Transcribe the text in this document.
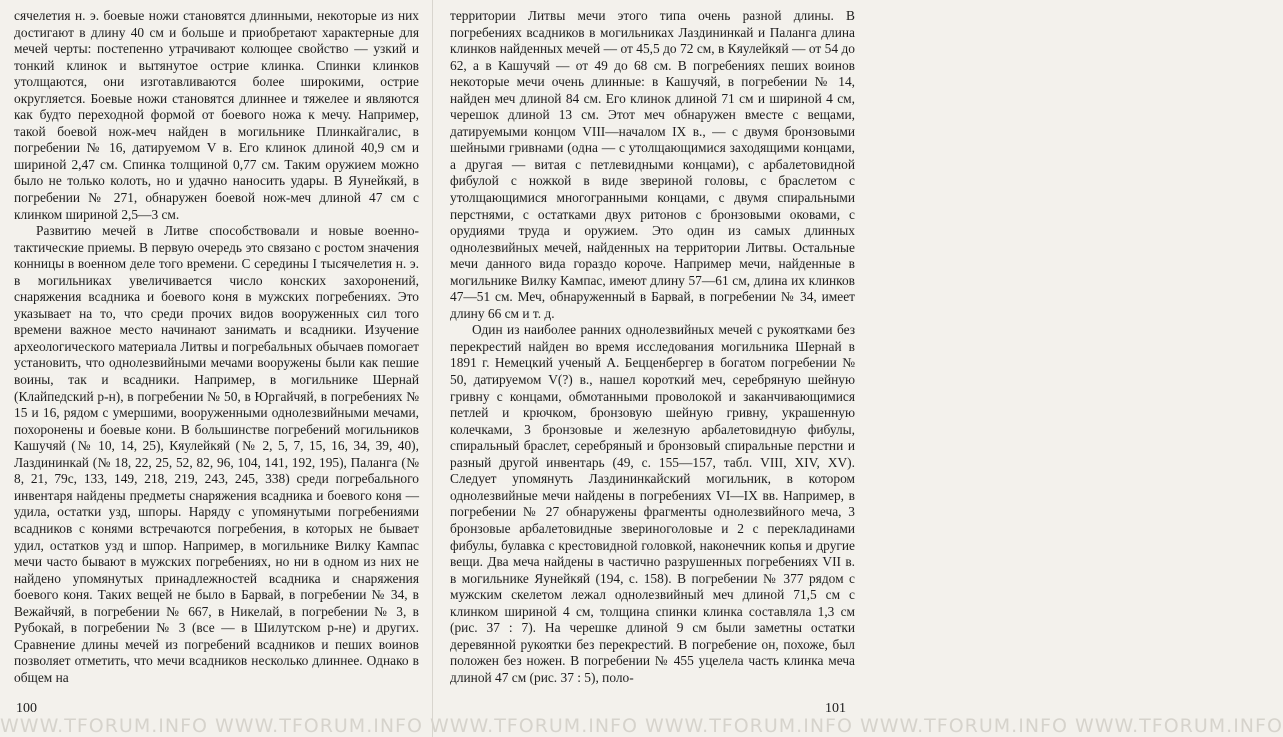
сячелетия н. э. боевые ножи становятся длинными, некоторые из них достигают в длину 40 см и больше и приобретают характерные для мечей черты: постепенно утрачивают колющее свойство — узкий и тонкий клинок и вытянутое острие клинка. Спинки клинков утолщаются, они изготавливаются более широкими, острие округляется. Боевые ножи становятся длиннее и тяжелее и являются как будто переходной формой от боевого ножа к мечу. Например, такой боевой нож-меч найден в могильнике Плинкайгалис, в погребении № 16, датируемом V в. Его клинок длиной 40,9 см и шириной 2,47 см. Спинка толщиной 0,77 см. Таким оружием можно было не только колоть, но и удачно наносить удары. В Яунейкяй, в погребении № 271, обнаружен боевой нож-меч длиной 47 см с клинком шириной 2,5—3 см.

Развитию мечей в Литве способствовали и новые военно-тактические приемы. В первую очередь это связано с ростом значения конницы в военном деле того времени. С середины I тысячелетия н. э. в могильниках увеличивается число конских захоронений, снаряжения всадника и боевого коня в мужских погребениях. Это указывает на то, что среди прочих видов вооруженных сил того времени важное место начинают занимать и всадники. Изучение археологического материала Литвы и погребальных обычаев помогает установить, что однолезвийными мечами вооружены были как пешие воины, так и всадники. Например, в могильнике Шернай (Клайпедский р-н), в погребении № 50, в Юргайчяй, в погребениях № 15 и 16, рядом с умершими, вооруженными однолезвийными мечами, похоронены и боевые кони. В большинстве погребений могильников Кашучяй (№ 10, 14, 25), Кяулейкяй (№ 2, 5, 7, 15, 16, 34, 39, 40), Лаздининкай (№ 18, 22, 25, 52, 82, 96, 104, 141, 192, 195), Паланга (№ 8, 21, 79c, 133, 149, 218, 219, 243, 245, 338) среди погребального инвентаря найдены предметы снаряжения всадника и боевого коня — удила, остатки узд, шпоры. Наряду с упомянутыми погребениями всадников с конями встречаются погребения, в которых не бывает удил, остатков узд и шпор. Например, в могильнике Вилку Кампас мечи часто бывают в мужских погребениях, но ни в одном из них не найдено упомянутых принадлежностей всадника и снаряжения боевого коня. Таких вещей не было в Барвай, в погребении № 34, в Вежайчяй, в погребении № 667, в Никелай, в погребении № 3, в Рубокай, в погребении № 3 (все — в Шилутском р-не) и других. Сравнение длины мечей из погребений всадников и пеших воинов позволяет отметить, что мечи всадников несколько длиннее. Однако в общем на

100

территории Литвы мечи этого типа очень разной длины. В погребениях всадников в могильниках Лаздининкай и Паланга длина клинков найденных мечей — от 45,5 до 72 см, в Кяулейкяй — от 54 до 62, а в Кашучяй — от 49 до 68 см. В погребениях пеших воинов некоторые мечи очень длинные: в Кашучяй, в погребении № 14, найден меч длиной 84 см. Его клинок длиной 71 см и шириной 4 см, черешок длиной 13 см. Этот меч обнаружен вместе с вещами, датируемыми концом VIII—началом IX в., — с двумя бронзовыми шейными гривнами (одна — с утолщающимися заходящими концами, а другая — витая с петлевидными концами), с арбалетовидной фибулой с ножкой в виде звериной головы, с браслетом с утолщающимися многогранными концами, с двумя спиральными перстнями, с остатками двух ритонов с бронзовыми оковами, с орудиями труда и оружием. Это один из самых длинных однолезвийных мечей, найденных на территории Литвы. Остальные мечи данного вида гораздо короче. Например мечи, найденные в могильнике Вилку Кампас, имеют длину 57—61 см, длина их клинков 47—51 см. Меч, обнаруженный в Барвай, в погребении № 34, имеет длину 66 см и т. д.

Один из наиболее ранних однолезвийных мечей с рукоятками без перекрестий найден во время исследования могильника Шернай в 1891 г. Немецкий ученый А. Бецценбергер в богатом погребении № 50, датируемом V(?) в., нашел короткий меч, серебряную шейную гривну с концами, обмотанными проволокой и заканчивающимися петлей и крючком, бронзовую шейную гривну, украшенную колечками, 3 бронзовые и железную арбалетовидную фибулы, спиральный браслет, серебряный и бронзовый спиральные перстни и разный другой инвентарь (49, с. 155—157, табл. VIII, XIV, XV). Следует упомянуть Лаздининкайский могильник, в котором однолезвийные мечи найдены в погребениях VI—IX вв. Например, в погребении № 27 обнаружены фрагменты однолезвийного меча, 3 бронзовые арбалетовидные звериноголовые и 2 с перекладинами фибулы, булавка с крестовидной головкой, наконечник копья и другие вещи. Два меча найдены в частично разрушенных погребениях VII в. в могильнике Яунейкяй (194, с. 158). В погребении № 377 рядом с мужским скелетом лежал однолезвийный меч длиной 71,5 см с клинком шириной 4 см, толщина спинки клинка составляла 1,3 см (рис. 37 : 7). На черешке длиной 9 см были заметны остатки деревянной рукоятки без перекрестий. В погребение он, похоже, был положен без ножен. В погребении № 455 уцелела часть клинка меча длиной 47 см (рис. 37 : 5), поло-

101
WWW.TFORUM.INFO WWW.TFORUM.INFO WWW.TFORUM.INFO WWW.TFORUM.INFO WWW.TFORUM.INFO WWW.TFORUM.INFO
